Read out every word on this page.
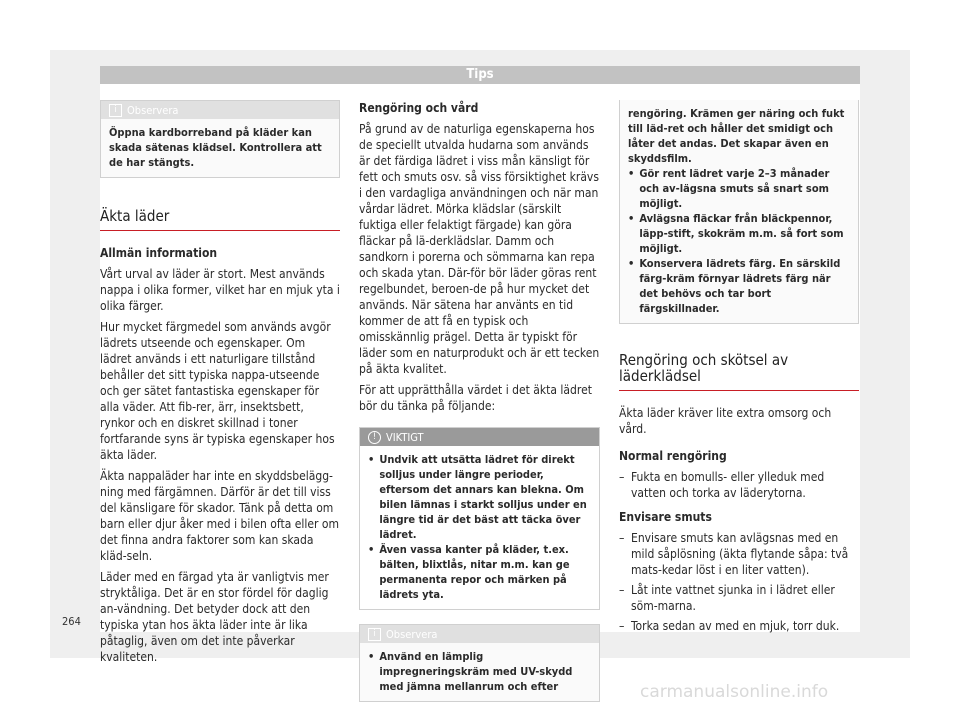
Tips
i Observera
Öppna kardborreband på kläder kan skada sätenas klädsel. Kontrollera att de har stängts.
Äkta läder

Allmän information

Vårt urval av läder är stort. Mest används nappa i olika former, vilket har en mjuk yta i olika färger.

Hur mycket färgmedel som används avgör lädrets utseende och egenskaper. Om lädret används i ett naturligare tillstånd behåller det sitt typiska nappa-utseende och ger sätet fantastiska egenskaper för alla väder. Att fib-rer, ärr, insektsbett, rynkor och en diskret skillnad i toner fortfarande syns är typiska egenskaper hos äkta läder.

Äkta nappaläder har inte en skyddsbelägg-ning med färgämnen. Därför är det till viss del känsligare för skador. Tänk på detta om barn eller djur åker med i bilen ofta eller om det finna andra faktorer som kan skada kläd-seln.

Läder med en färgad yta är vanligtvis mer stryktåliga. Det är en stor fördel för daglig an-vändning. Det betyder dock att den typiska ytan hos äkta läder inte är lika påtaglig, även om det inte påverkar kvaliteten.

Rengöring och vård

På grund av de naturliga egenskaperna hos de speciellt utvalda hudarna som används är det färdiga lädret i viss mån känsligt för fett och smuts osv. så viss försiktighet krävs i den vardagliga användningen och när man vårdar lädret. Mörka klädslar (särskilt fuktiga eller felaktigt färgade) kan göra fläckar på lä-derklädslar. Damm och sandkorn i porerna och sömmarna kan repa och skada ytan. Där-för bör läder göras rent regelbundet, beroen-de på hur mycket det används. När sätena har använts en tid kommer de att få en typisk och omisskännlig prägel. Detta är typiskt för läder som en naturprodukt och är ett tecken på äkta kvalitet.

För att upprätthålla värdet i det äkta lädret bör du tänka på följande:

! VIKTIGT
• Undvik att utsätta lädret för direkt solljus under längre perioder, eftersom det annars kan blekna. Om bilen lämnas i starkt solljus under en längre tid är det bäst att täcka över lädret.
• Även vassa kanter på kläder, t.ex. bälten, blixtlås, nitar m.m. kan ge permanenta repor och märken på lädrets yta.
i Observera
• Använd en lämplig impregneringskräm med UV-skydd med jämna mellanrum och efter
rengöring. Krämen ger näring och fukt till läd-ret och håller det smidigt och låter det andas. Det skapar även en skyddsfilm.
• Gör rent lädret varje 2–3 månader och av-lägsna smuts så snart som möjligt.
• Avlägsna fläckar från bläckpennor, läpp-stift, skokräm m.m. så fort som möjligt.
• Konservera lädrets färg. En särskild färg-kräm förnyar lädrets färg när det behövs och tar bort färgskillnader.
Rengöring och skötsel av läderklädsel

Äkta läder kräver lite extra omsorg och vård.

Normal rengöring

– Fukta en bomulls- eller ylleduk med vatten och torka av läderytorna.

Envisare smuts

– Envisare smuts kan avlägsnas med en mild såplösning (äkta flytande såpa: två mats-kedar löst i en liter vatten).
– Låt inte vattnet sjunka in i lädret eller söm-marna.
– Torka sedan av med en mjuk, torr duk.
264
carmanualsonline.info
